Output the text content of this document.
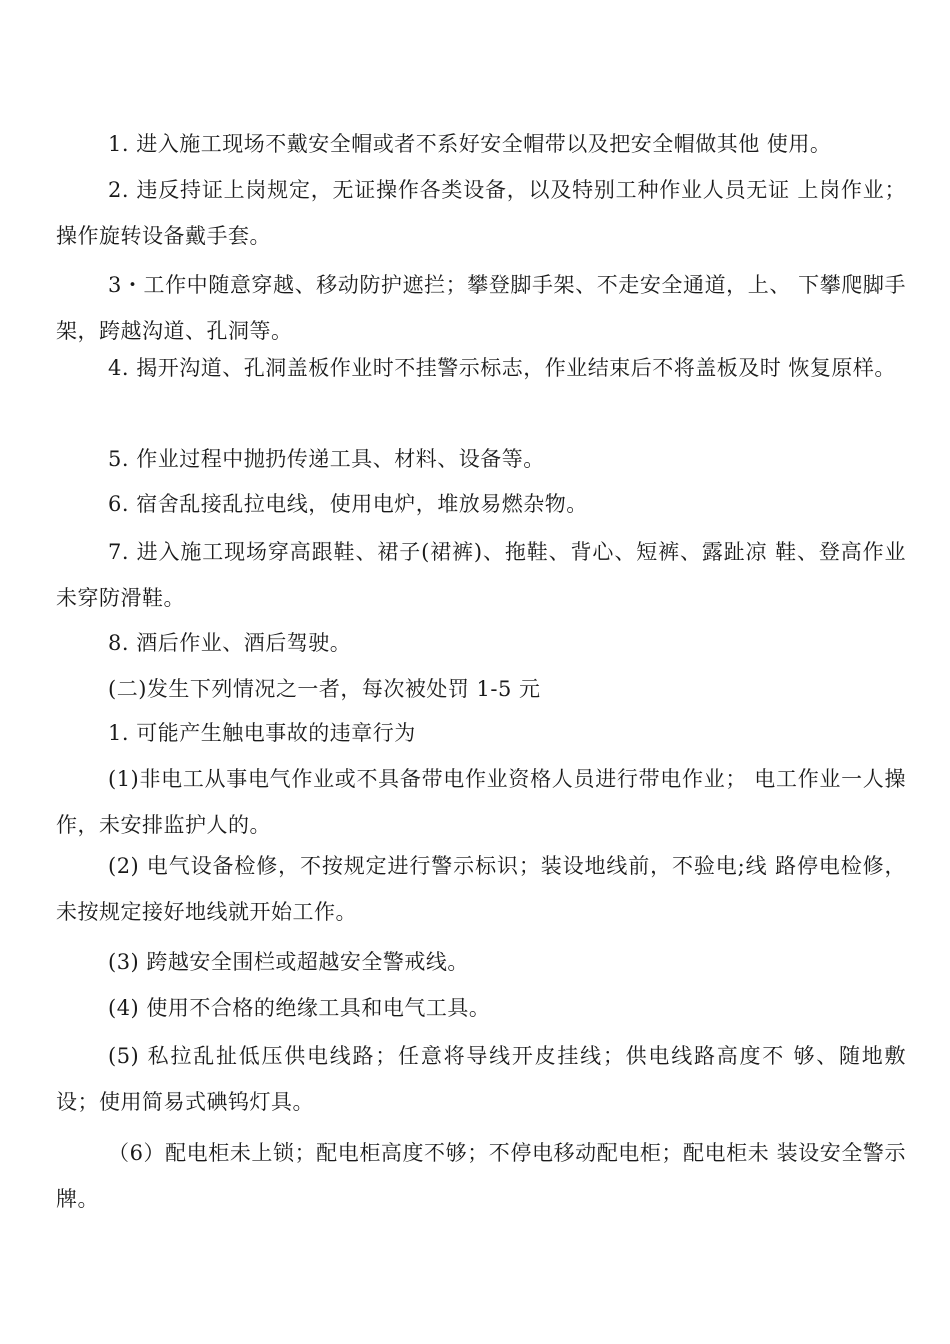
1. 进入施工现场不戴安全帽或者不系好安全帽带以及把安全帽做其他 使用。

2. 违反持证上岗规定，无证操作各类设备，以及特别工种作业人员无证 上岗作业；操作旋转设备戴手套。

3・工作中随意穿越、移动防护遮拦；攀登脚手架、不走安全通道，上、 下攀爬脚手架，跨越沟道、孔洞等。

4. 揭开沟道、孔洞盖板作业时不挂警示标志，作业结束后不将盖板及时 恢复原样。

5. 作业过程中抛扔传递工具、材料、设备等。

6. 宿舍乱接乱拉电线，使用电炉，堆放易燃杂物。

7. 进入施工现场穿高跟鞋、裙子(裙裤)、拖鞋、背心、短裤、露趾凉 鞋、登高作业未穿防滑鞋。

8. 酒后作业、酒后驾驶。

(二)发生下列情况之一者，每次被处罚 1-5 元

1. 可能产生触电事故的违章行为

(1)非电工从事电气作业或不具备带电作业资格人员进行带电作业； 电工作业一人操作，未安排监护人的。

(2) 电气设备检修，不按规定进行警示标识；装设地线前，不验电;线 路停电检修，未按规定接好地线就开始工作。

(3) 跨越安全围栏或超越安全警戒线。

(4) 使用不合格的绝缘工具和电气工具。

(5) 私拉乱扯低压供电线路；任意将导线开皮挂线；供电线路高度不 够、随地敷设；使用简易式碘钨灯具。

（6）配电柜未上锁；配电柜高度不够；不停电移动配电柜；配电柜未 装设安全警示牌。
